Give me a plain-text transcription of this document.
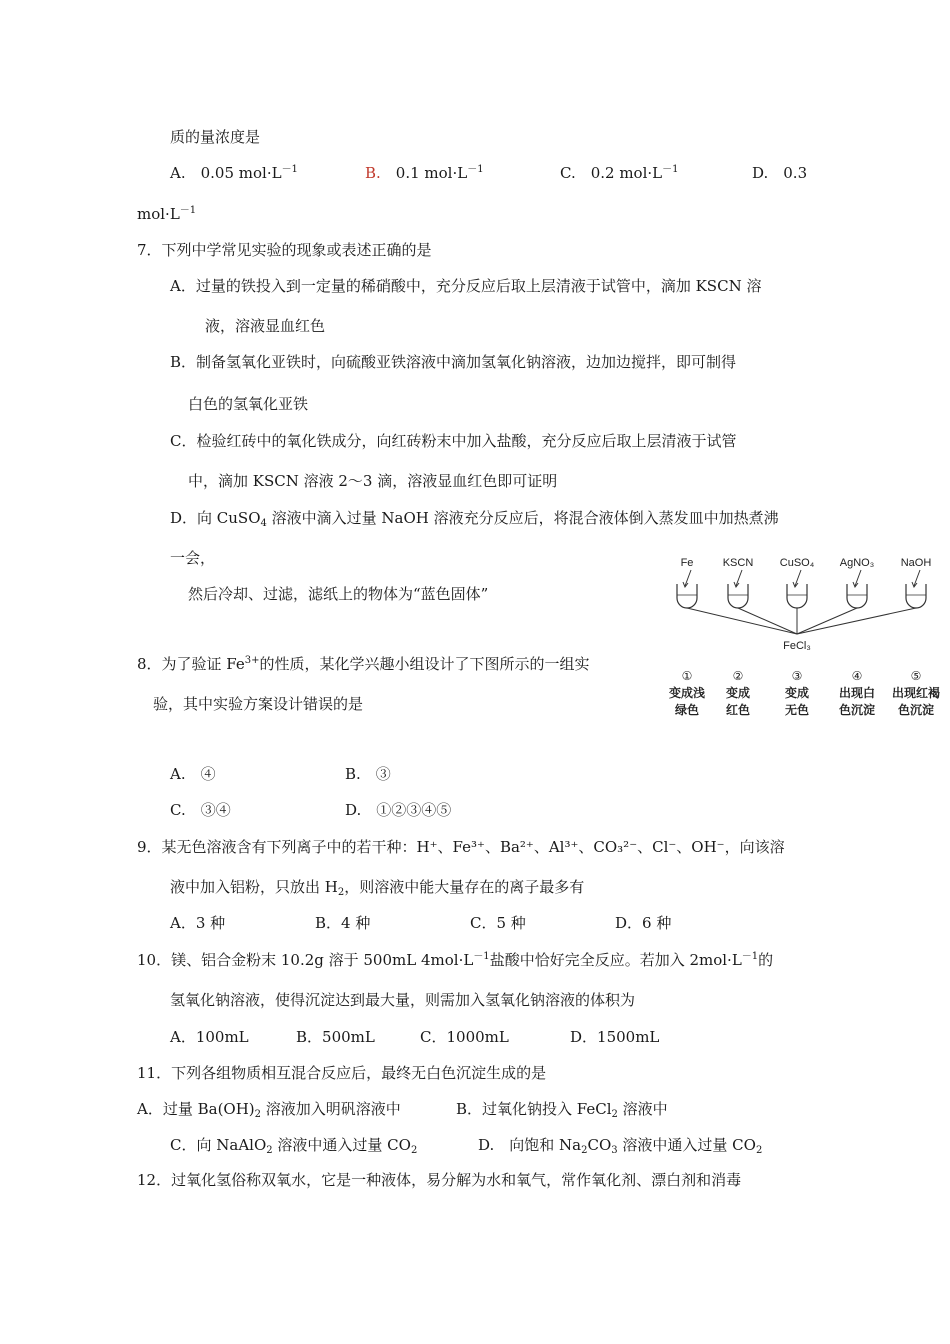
质的量浓度是
A.　0.05 $mol\cdot L^{-1}$	B.　0.1 $mol\cdot L^{-1}$	C.　0.2 $mol\cdot L^{-1}$	D.　0.3
$mol\cdot L^{-1}$
7．下列中学常见实验的现象或表述正确的是
A．过量的铁投入到一定量的稀硝酸中，充分反应后取上层清液于试管中，滴加 KSCN 溶
液，溶液显血红色
B．制备氢氧化亚铁时，向硫酸亚铁溶液中滴加氢氧化钠溶液，边加边搅拌，即可制得
白色的氢氧化亚铁
C．检验红砖中的氧化铁成分，向红砖粉末中加入盐酸，充分反应后取上层清液于试管
中，滴加 KSCN 溶液 2～3 滴，溶液显血红色即可证明
D．向 CuSO$_4$ 溶液中滴入过量 NaOH 溶液充分反应后，将混合液体倒入蒸发皿中加热煮沸
一会，
然后冷却、过滤，滤纸上的物体为“蓝色固体”
8．为了验证 $Fe^{3+}$的性质，某化学兴趣小组设计了下图所示的一组实
验，其中实验方案设计错误的是
Fe
①
变成浅
绿色
KSCN
②
变成
红色
CuSO₄
③
变成
无色
AgNO₃
④
出现白
色沉淀
NaOH
⑤
出现红褐
色沉淀
FeCl₃
A.　④	B.　③
C.　③④	D.　①②③④⑤
9．某无色溶液含有下列离子中的若干种：H⁺、Fe³⁺、Ba²⁺、Al³⁺、CO₃²⁻、Cl⁻、OH⁻，向该溶
液中加入铝粉，只放出 $H_2$，则溶液中能大量存在的离子最多有
A．3 种	B．4 种	C．5 种	D．6 种
10．镁、铝合金粉末 10.2g 溶于 500mL $4mol\cdot L^{-1}$盐酸中恰好完全反应。若加入 $2mol\cdot L^{-1}$的
氢氧化钠溶液，使得沉淀达到最大量，则需加入氢氧化钠溶液的体积为
A．100mL	B．500mL	C．1000mL	D．1500mL
11．下列各组物质相互混合反应后，最终无白色沉淀生成的是
A．过量 $Ba(OH)_2$ 溶液加入明矾溶液中	B．过氧化钠投入 FeCl$_2$ 溶液中
C．向 NaAlO$_2$ 溶液中通入过量 $CO_2$	D.　向饱和 $Na_2CO_3$ 溶液中通入过量 $CO_2$
12．过氧化氢俗称双氧水，它是一种液体，易分解为水和氧气，常作氧化剂、漂白剂和消毒
